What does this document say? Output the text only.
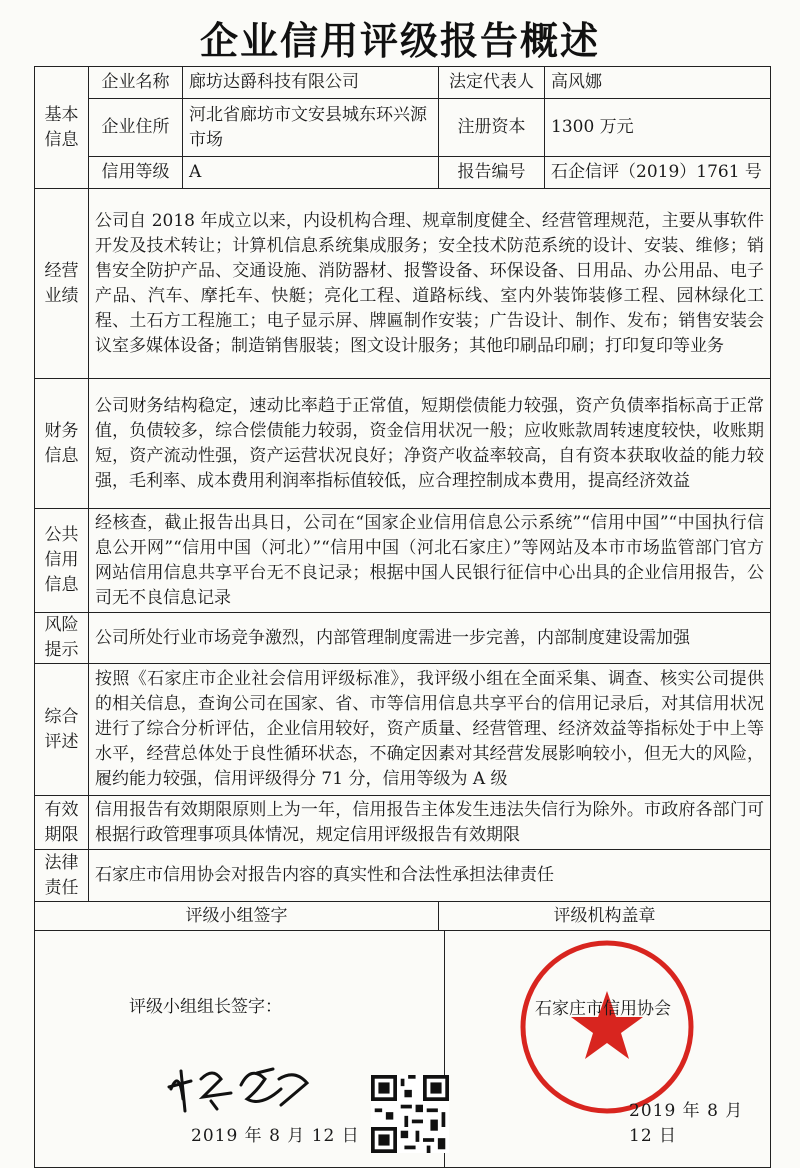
企业信用评级报告概述
基本
信息	企业名称	廊坊达爵科技有限公司	法定代表人	高风娜
	企业住所	河北省廊坊市文安县城东环兴源市场	注册资本	1300 万元
	信用等级	A	报告编号	石企信评（2019）1761 号
经营
业绩	公司自 2018 年成立以来，内设机构合理、规章制度健全、经营管理规范，主要从事软件开发及技术转让；计算机信息系统集成服务；安全技术防范系统的设计、安装、维修；销售安全防护产品、交通设施、消防器材、报警设备、环保设备、日用品、办公用品、电子产品、汽车、摩托车、快艇；亮化工程、道路标线、室内外装饰装修工程、园林绿化工程、土石方工程施工；电子显示屏、牌匾制作安装；广告设计、制作、发布；销售安装会议室多媒体设备；制造销售服装；图文设计服务；其他印刷品印刷；打印复印等业务			
财务
信息	公司财务结构稳定，速动比率趋于正常值，短期偿债能力较强，资产负债率指标高于正常值，负债较多，综合偿债能力较弱，资金信用状况一般；应收账款周转速度较快，收账期短，资产流动性强，资产运营状况良好；净资产收益率较高，自有资本获取收益的能力较强，毛利率、成本费用利润率指标值较低，应合理控制成本费用，提高经济效益			
公共
信用
信息	经核查，截止报告出具日，公司在“国家企业信用信息公示系统”“信用中国”“中国执行信息公开网”“信用中国（河北）”“信用中国（河北石家庄）”等网站及本市市场监管部门官方网站信用信息共享平台无不良记录；根据中国人民银行征信中心出具的企业信用报告，公司无不良信息记录			
风险
提示	公司所处行业市场竞争激烈，内部管理制度需进一步完善，内部制度建设需加强			
综合
评述	按照《石家庄市企业社会信用评级标准》，我评级小组在全面采集、调查、核实公司提供的相关信息，查询公司在国家、省、市等信用信息共享平台的信用记录后，对其信用状况进行了综合分析评估，企业信用较好，资产质量、经营管理、经济效益等指标处于中上等水平，经营总体处于良性循环状态，不确定因素对其经营发展影响较小，但无大的风险，履约能力较强，信用评级得分 71 分，信用等级为 A 级			
有效
期限	信用报告有效期限原则上为一年，信用报告主体发生违法失信行为除外。市政府各部门可根据行政管理事项具体情况，规定信用评级报告有效期限			
法律
责任	石家庄市信用协会对报告内容的真实性和合法性承担法律责任			
评级小组签字			评级机构盖章	

评级小组组长签字：
2019 年 8 月 12 日
石家庄市信用协会
2019 年 8 月 12 日				
